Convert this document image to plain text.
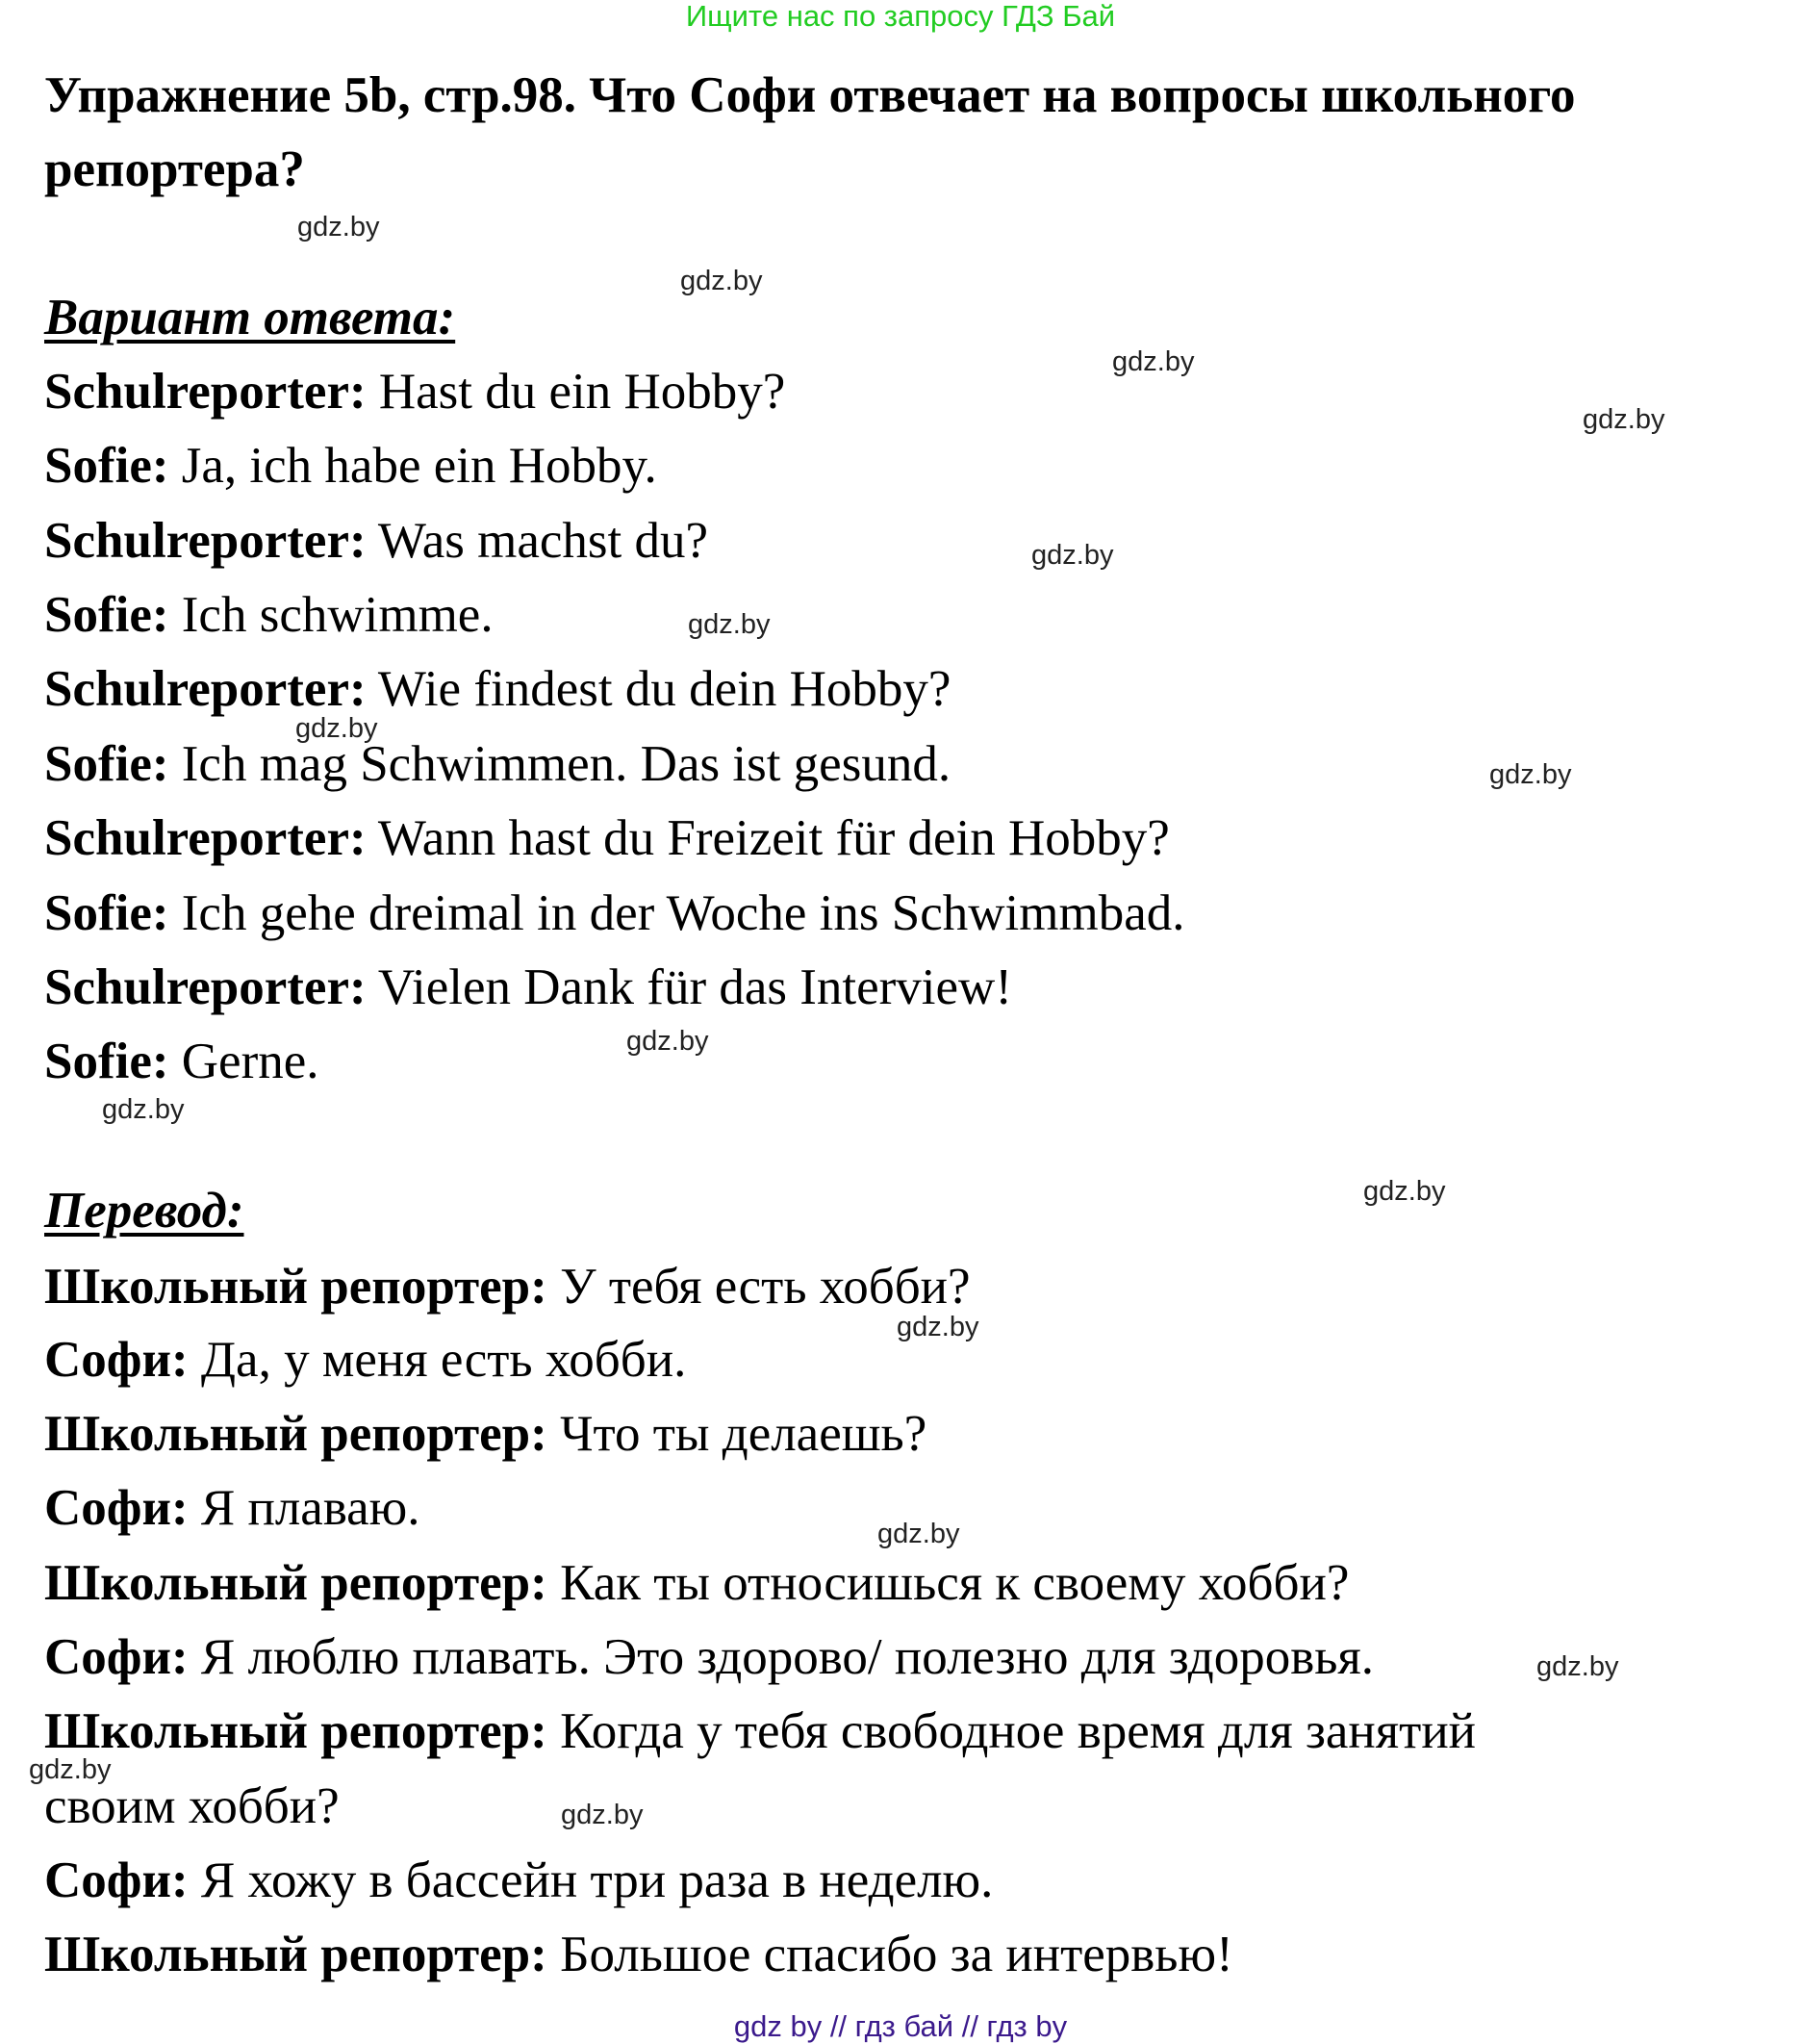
Ищите нас по запросу ГДЗ Бай
Упражнение 5b, стр.98. Что Софи отвечает на вопросы школьного
репортера?
Вариант ответа:
Schulreporter: Hast du ein Hobby?
Sofie: Ja, ich habe ein Hobby.
Schulreporter: Was machst du?
Sofie: Ich schwimme.
Schulreporter: Wie findest du dein Hobby?
Sofie: Ich mag Schwimmen. Das ist gesund.
Schulreporter: Wann hast du Freizeit für dein Hobby?
Sofie: Ich gehe dreimal in der Woche ins Schwimmbad.
Schulreporter: Vielen Dank für das Interview!
Sofie: Gerne.
Перевод:
Школьный репортер: У тебя есть хобби?
Софи: Да, у меня есть хобби.
Школьный репортер: Что ты делаешь?
Софи: Я плаваю.
Школьный репортер: Как ты относишься к своему хобби?
Софи: Я люблю плавать. Это здорово/ полезно для здоровья.
Школьный репортер: Когда у тебя свободное время для занятий
своим хобби?
Софи: Я хожу в бассейн три раза в неделю.
Школьный репортер: Большое спасибо за интервью!
gdz.by
gdz.by
gdz.by
gdz.by
gdz.by
gdz.by
gdz.by
gdz.by
gdz.by
gdz.by
gdz.by
gdz.by
gdz.by
gdz.by
gdz.by
gdz.by
gdz by // гдз бай // гдз by
